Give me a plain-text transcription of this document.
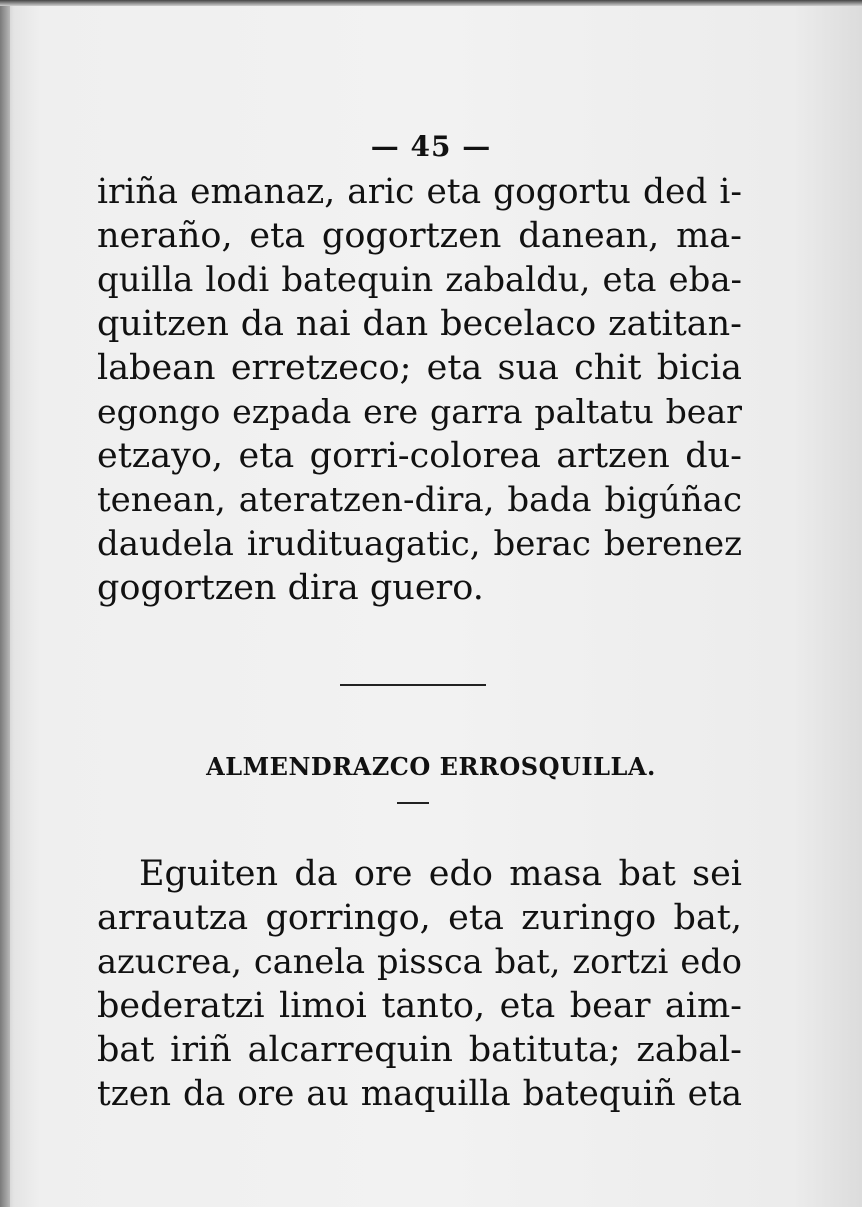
— 45 —
iriña emanaz, aric eta gogortu ded i-
neraño, eta gogortzen danean, ma-
quilla lodi batequin zabaldu, eta eba-
quitzen da nai dan becelaco zatitan-
labean erretzeco; eta sua chit bicia
egongo ezpada ere garra paltatu bear
etzayo, eta gorri-colorea artzen du-
tenean, ateratzen-dira, bada bigúñac
daudela irudituagatic, berac berenez
gogortzen dira guero.
ALMENDRAZCO ERROSQUILLA.
Eguiten da ore edo masa bat sei
arrautza gorringo, eta zuringo bat,
azucrea, canela pissca bat, zortzi edo
bederatzi limoi tanto, eta bear aim-
bat iriñ alcarrequin batituta; zabal-
tzen da ore au maquilla batequiñ eta
